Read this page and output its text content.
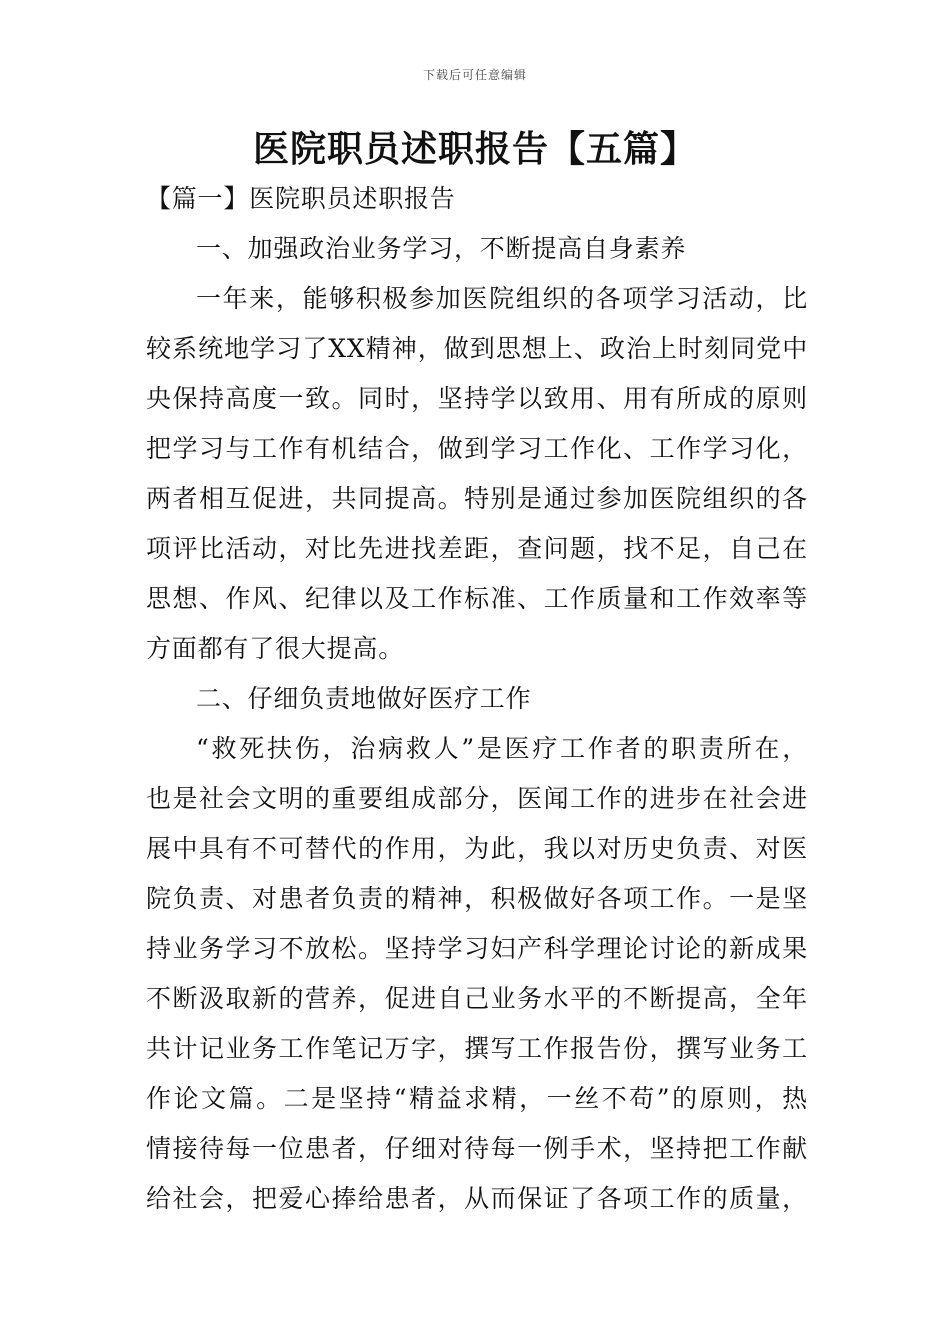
下载后可任意编辑
医院职员述职报告【五篇】
【篇一】医院职员述职报告
一、加强政治业务学习，不断提高自身素养
一年来，能够积极参加医院组织的各项学习活动，比
较系统地学习了XX精神，做到思想上、政治上时刻同党中
央保持高度一致。同时，坚持学以致用、用有所成的原则
把学习与工作有机结合，做到学习工作化、工作学习化，
两者相互促进，共同提高。特别是通过参加医院组织的各
项评比活动，对比先进找差距，查问题，找不足，自己在
思想、作风、纪律以及工作标准、工作质量和工作效率等
方面都有了很大提高。
二、仔细负责地做好医疗工作
“救死扶伤，治病救人”是医疗工作者的职责所在，
也是社会文明的重要组成部分，医闻工作的进步在社会进
展中具有不可替代的作用，为此，我以对历史负责、对医
院负责、对患者负责的精神，积极做好各项工作。一是坚
持业务学习不放松。坚持学习妇产科学理论讨论的新成果
不断汲取新的营养，促进自己业务水平的不断提高，全年
共计记业务工作笔记万字，撰写工作报告份，撰写业务工
作论文篇。二是坚持“精益求精，一丝不苟”的原则，热
情接待每一位患者，仔细对待每一例手术，坚持把工作献
给社会，把爱心捧给患者，从而保证了各项工作的质量，
